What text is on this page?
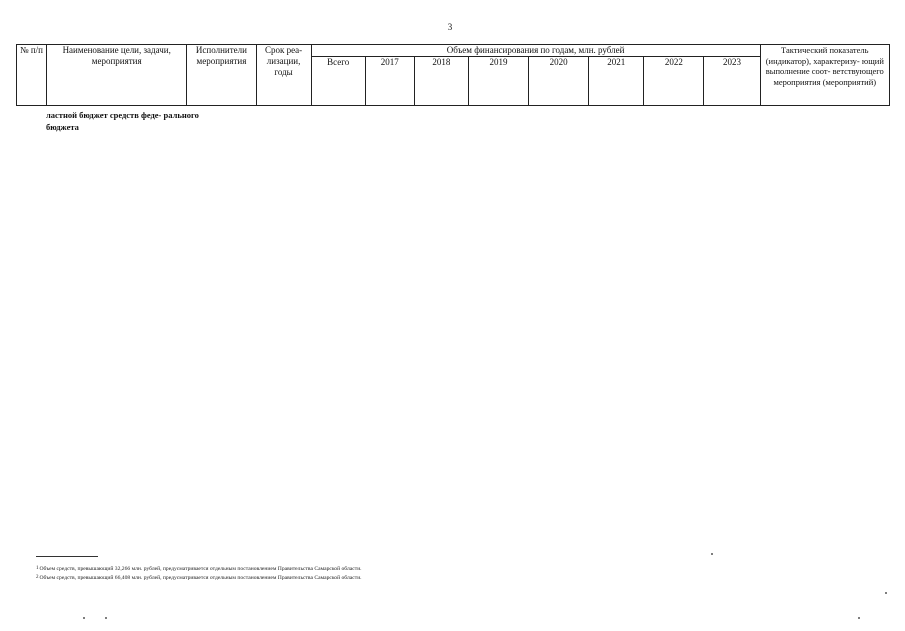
3
№ п/п	Наименование цели, задачи, мероприятия	Исполнители мероприятия	Срок реа- лизации, годы	Объем финансирования по годам, млн. рублей								Тактический показатель (индикатор), характеризу- ющий выполнение соот- ветствующего мероприятия (мероприятий)
				Всего	2017	2018	2019	2020	2021	2022	2023	
ластной бюджет средств феде- рального бюджета
$^1$Объем средств, превышающий 32,266 млн. рублей, предусматривается отдельным постановлением Правительства Самарской области.
$^2$Объем средств, превышающий 66,408 млн. рублей, предусматривается отдельным постановлением Правительства Самарской области.
